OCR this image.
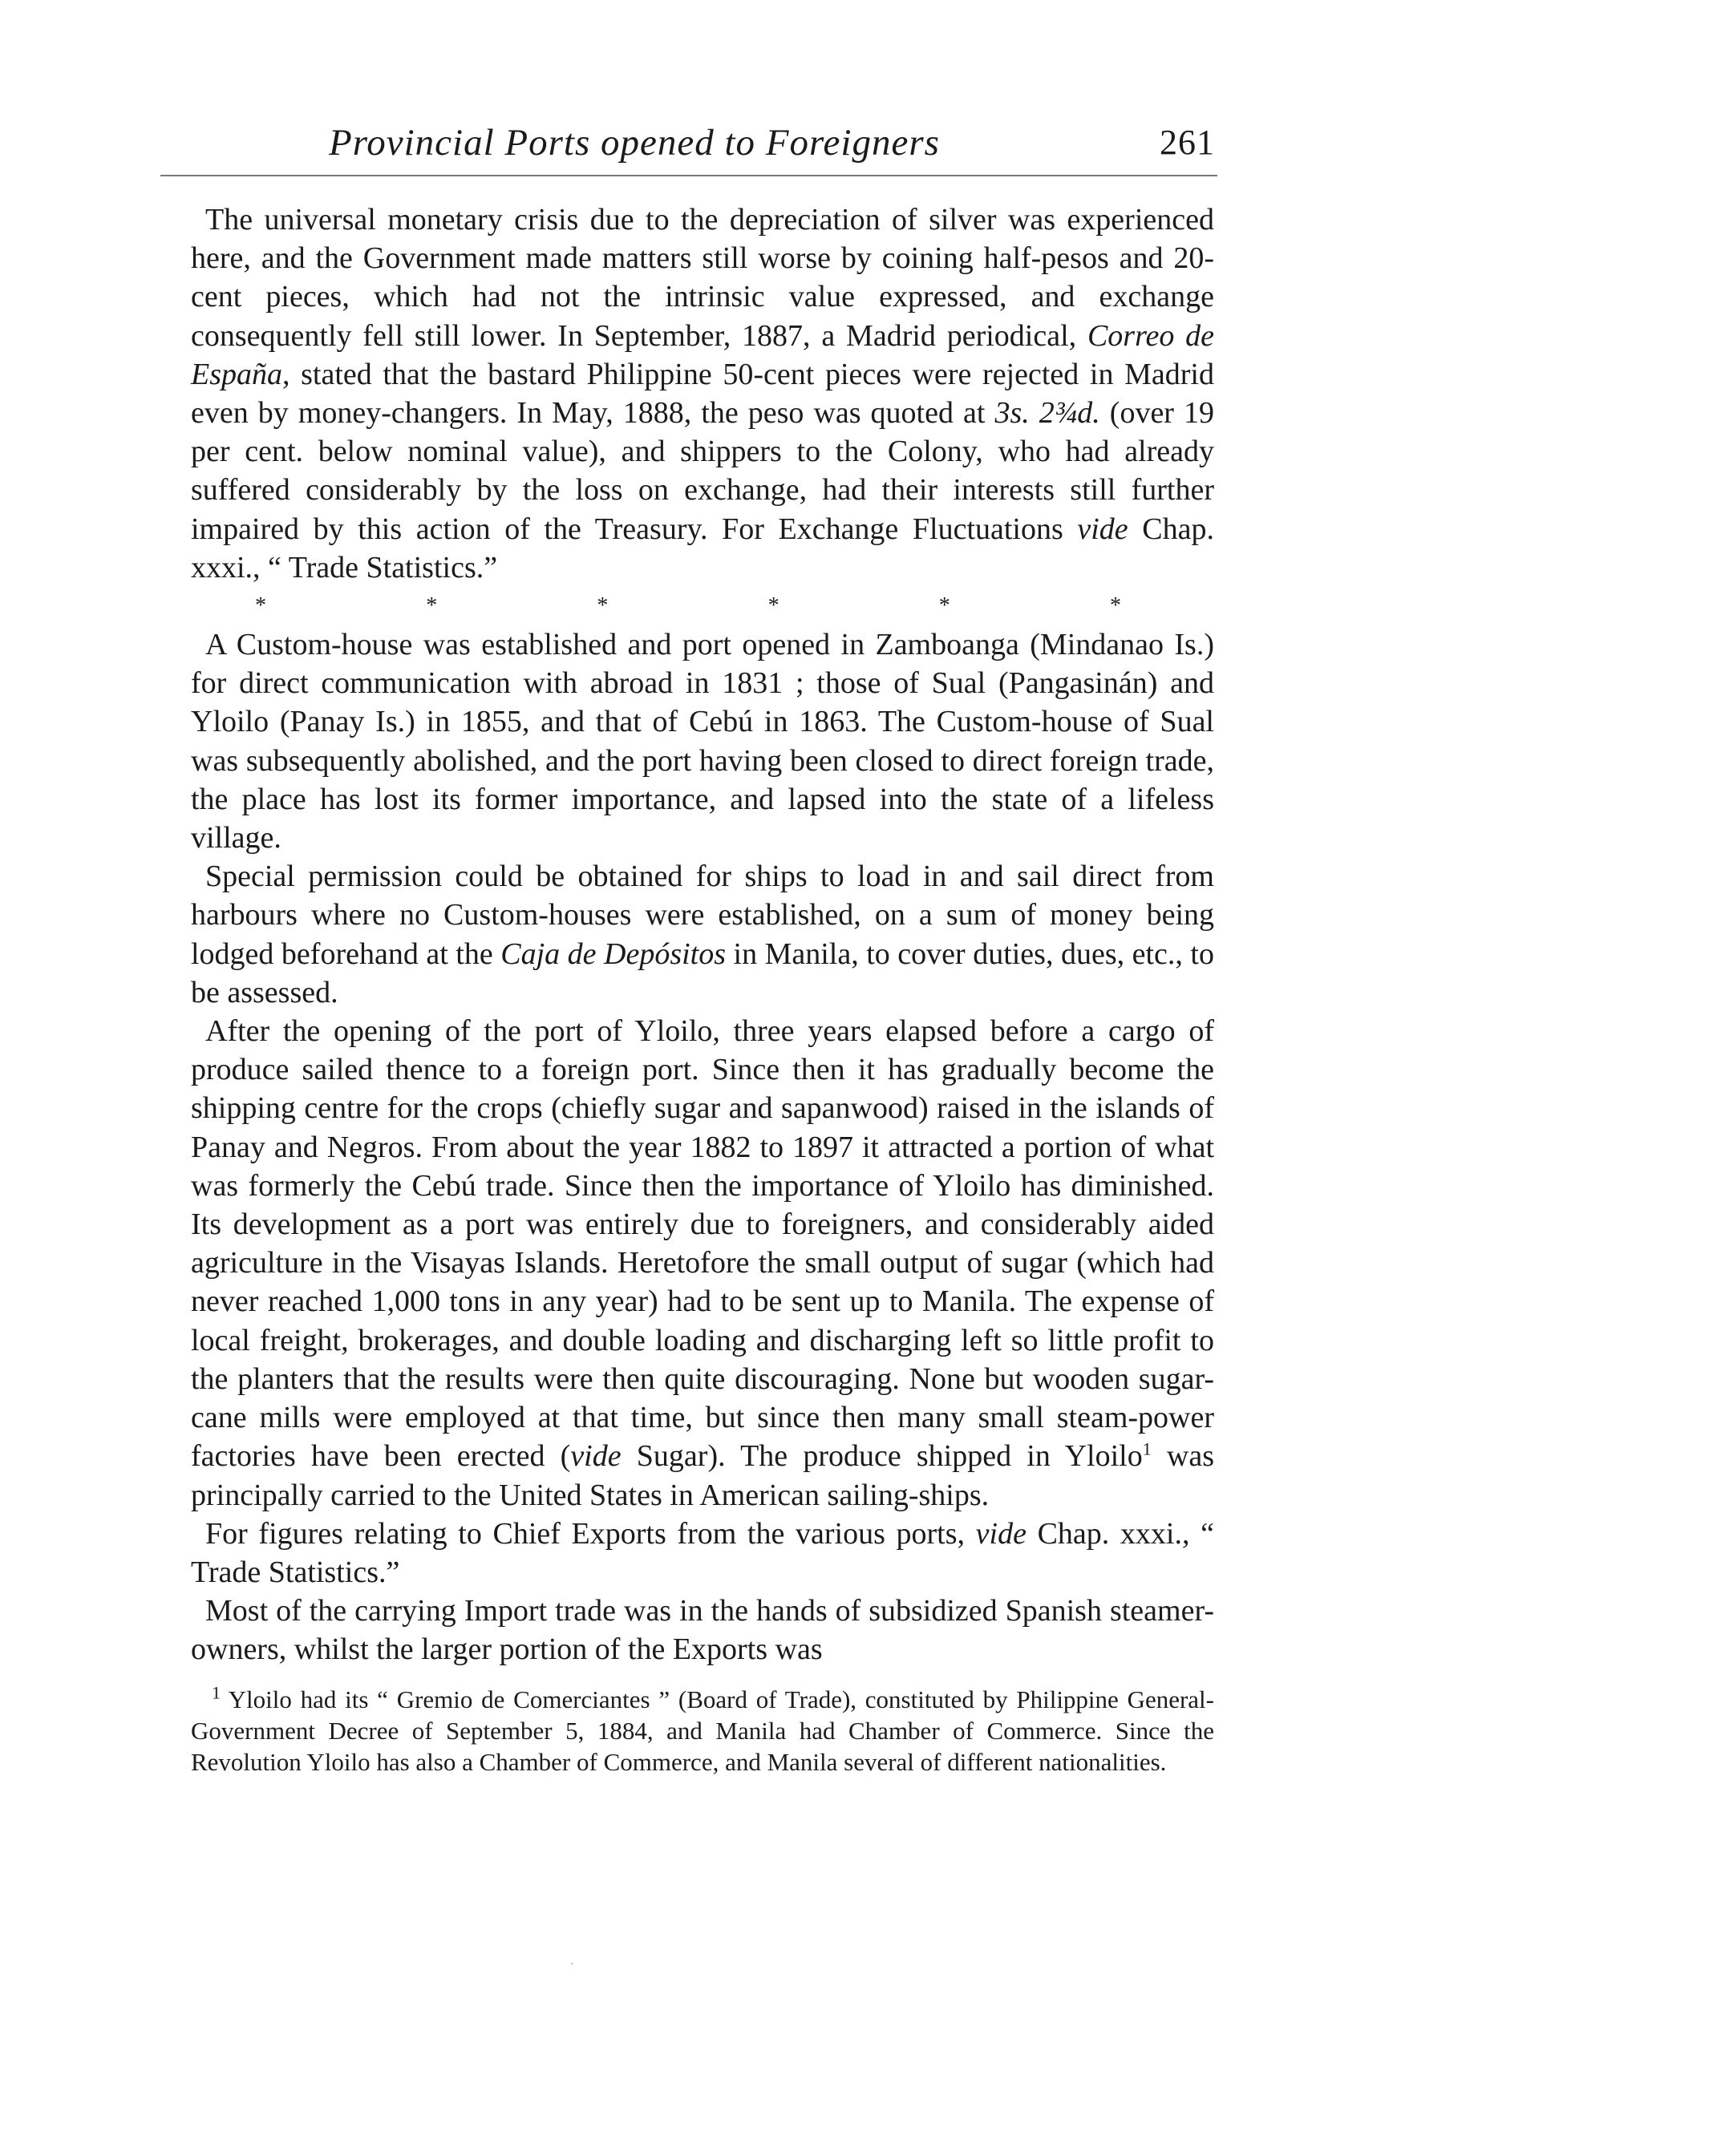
Provincial Ports opened to Foreigners	261

The universal monetary crisis due to the depreciation of silver was experienced here, and the Government made matters still worse by coining half-pesos and 20-cent pieces, which had not the intrinsic value expressed, and exchange consequently fell still lower. In September, 1887, a Madrid periodical, Correo de España, stated that the bastard Philippine 50-cent pieces were rejected in Madrid even by money-changers. In May, 1888, the peso was quoted at 3s. 2¾d. (over 19 per cent. below nominal value), and shippers to the Colony, who had already suffered considerably by the loss on exchange, had their interests still further impaired by this action of the Treasury. For Exchange Fluctuations vide Chap. xxxi., “ Trade Statistics.”

*	*	*	*	*	*

A Custom-house was established and port opened in Zamboanga (Mindanao Is.) for direct communication with abroad in 1831 ; those of Sual (Pangasinán) and Yloilo (Panay Is.) in 1855, and that of Cebú in 1863. The Custom-house of Sual was subsequently abolished, and the port having been closed to direct foreign trade, the place has lost its former importance, and lapsed into the state of a lifeless village.

Special permission could be obtained for ships to load in and sail direct from harbours where no Custom-houses were established, on a sum of money being lodged beforehand at the Caja de Depósitos in Manila, to cover duties, dues, etc., to be assessed.

After the opening of the port of Yloilo, three years elapsed before a cargo of produce sailed thence to a foreign port. Since then it has gradually become the shipping centre for the crops (chiefly sugar and sapanwood) raised in the islands of Panay and Negros. From about the year 1882 to 1897 it attracted a portion of what was formerly the Cebú trade. Since then the importance of Yloilo has diminished. Its development as a port was entirely due to foreigners, and considerably aided agriculture in the Visayas Islands. Heretofore the small output of sugar (which had never reached 1,000 tons in any year) had to be sent up to Manila. The expense of local freight, brokerages, and double loading and discharging left so little profit to the planters that the results were then quite discouraging. None but wooden sugar-cane mills were employed at that time, but since then many small steam-power factories have been erected (vide Sugar). The produce shipped in Yloilo$^1$ was principally carried to the United States in American sailing-ships.

For figures relating to Chief Exports from the various ports, vide Chap. xxxi., “ Trade Statistics.”

Most of the carrying Import trade was in the hands of subsidized Spanish steamer-owners, whilst the larger portion of the Exports was

$^1$ Yloilo had its “ Gremio de Comerciantes ” (Board of Trade), constituted by Philippine General-Government Decree of September 5, 1884, and Manila had Chamber of Commerce. Since the Revolution Yloilo has also a Chamber of Commerce, and Manila several of different nationalities.
